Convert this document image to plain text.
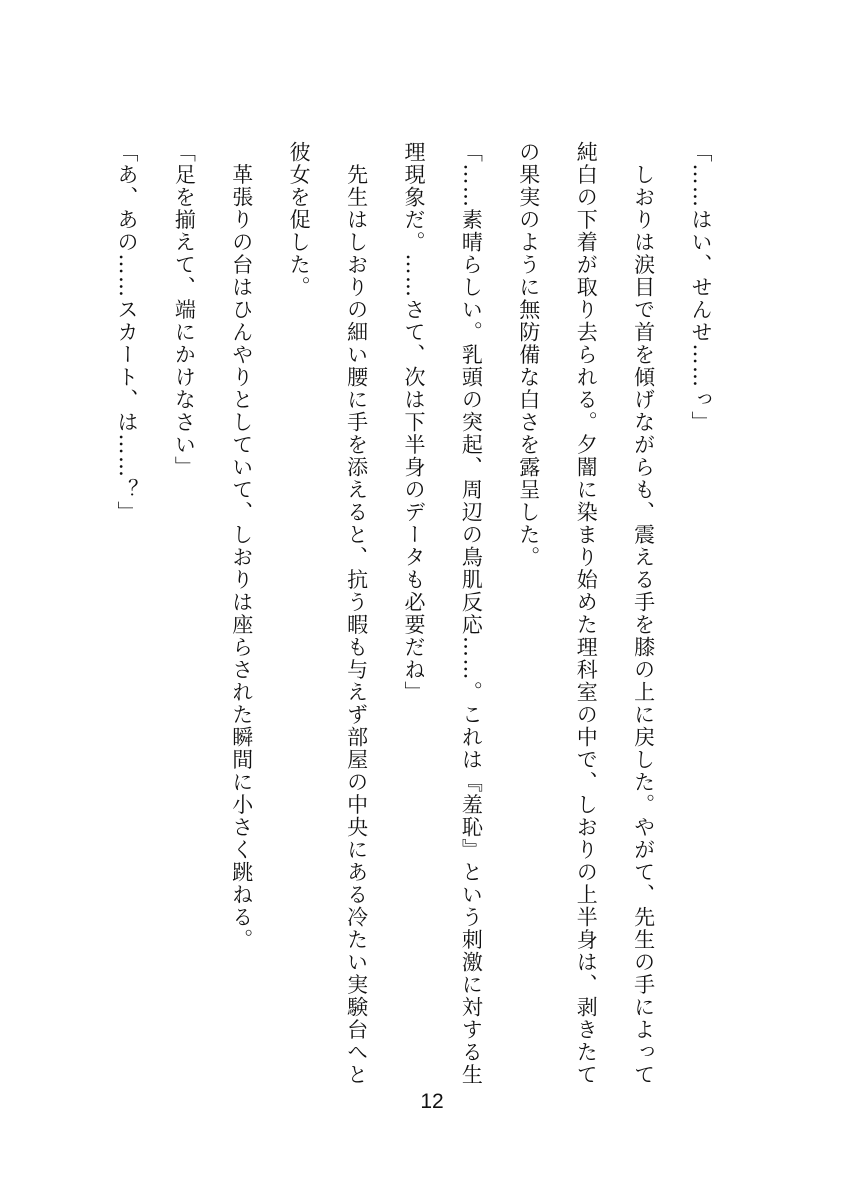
「……はい、せんせ……っ」
　しおりは涙目で首を傾げながらも、震える手を膝の上に戻した。やがて、先生の手によって
純白の下着が取り去られる。夕闇に染まり始めた理科室の中で、しおりの上半身は、剥きたて
の果実のように無防備な白さを露呈した。
「……素晴らしい。乳頭の突起、周辺の鳥肌反応……。これは『羞恥』という刺激に対する生
理現象だ。……さて、次は下半身のデータも必要だね」
　先生はしおりの細い腰に手を添えると、抗う暇も与えず部屋の中央にある冷たい実験台へと
彼女を促した。
　革張りの台はひんやりとしていて、しおりは座らされた瞬間に小さく跳ねる。
「足を揃えて、端にかけなさい」
「あ、あの……スカート、は……？」
12
